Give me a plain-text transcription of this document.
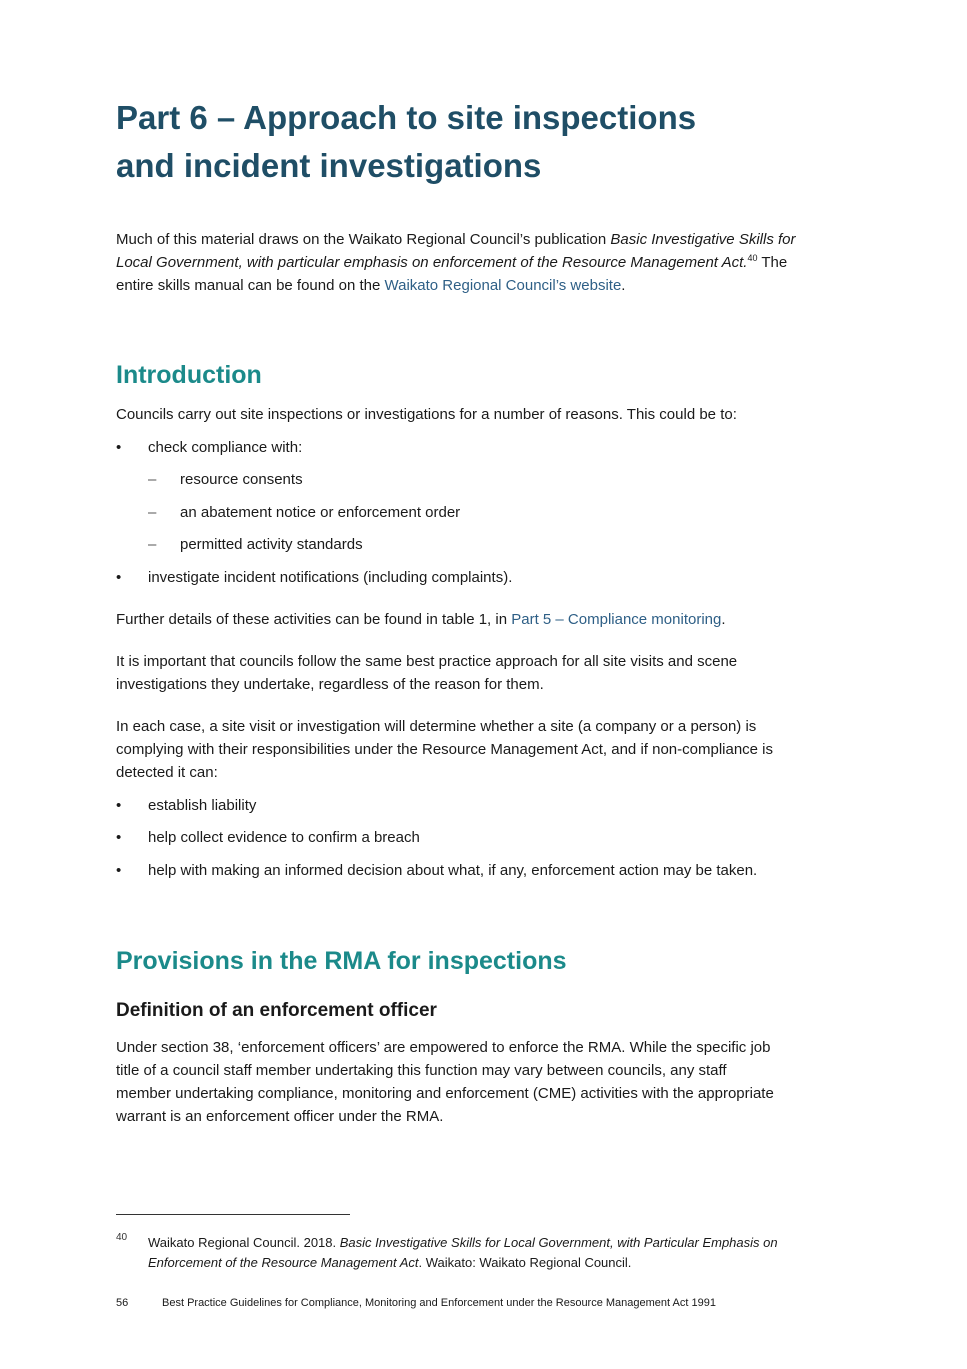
Part 6 – Approach to site inspections
and incident investigations

Much of this material draws on the Waikato Regional Council’s publication Basic Investigative Skills for Local Government, with particular emphasis on enforcement of the Resource Management Act.$^{40}$ The entire skills manual can be found on the Waikato Regional Council’s website.

Introduction

Councils carry out site inspections or investigations for a number of reasons. This could be to:

• check compliance with:
– resource consents
– an abatement notice or enforcement order
– permitted activity standards
• investigate incident notifications (including complaints).

Further details of these activities can be found in table 1, in Part 5 – Compliance monitoring.

It is important that councils follow the same best practice approach for all site visits and scene investigations they undertake, regardless of the reason for them.

In each case, a site visit or investigation will determine whether a site (a company or a person) is complying with their responsibilities under the Resource Management Act, and if non-compliance is detected it can:

• establish liability
• help collect evidence to confirm a breach
• help with making an informed decision about what, if any, enforcement action may be taken.
Provisions in the RMA for inspections
Definition of an enforcement officer

Under section 38, ‘enforcement officers’ are empowered to enforce the RMA. While the specific job title of a council staff member undertaking this function may vary between councils, any staff member undertaking compliance, monitoring and enforcement (CME) activities with the appropriate warrant is an enforcement officer under the RMA.

40 Waikato Regional Council. 2018. Basic Investigative Skills for Local Government, with Particular Emphasis on Enforcement of the Resource Management Act. Waikato: Waikato Regional Council.
56	Best Practice Guidelines for Compliance, Monitoring and Enforcement under the Resource Management Act 1991
